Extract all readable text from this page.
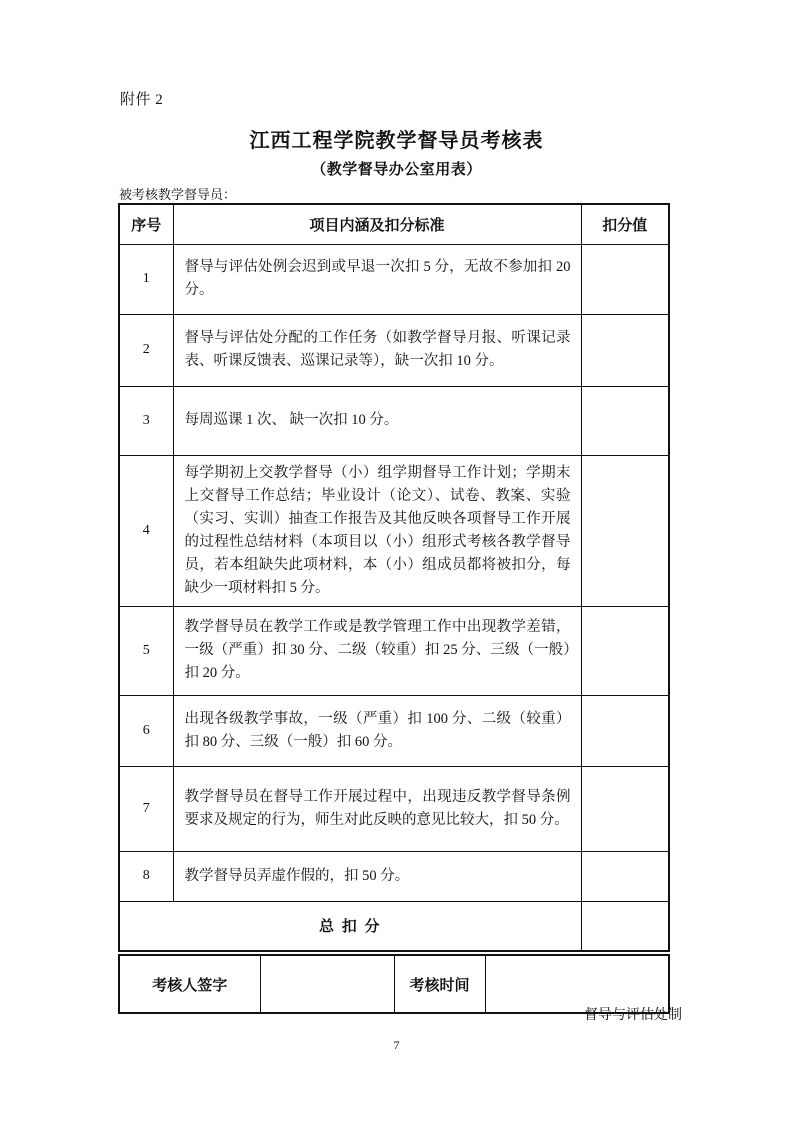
附件 2
江西工程学院教学督导员考核表
（教学督导办公室用表）
被考核教学督导员：
序号	项目内涵及扣分标准	扣分值
1	督导与评估处例会迟到或早退一次扣 5 分，无故不参加扣 20 分。	
2	督导与评估处分配的工作任务（如教学督导月报、听课记录表、听课反馈表、巡课记录等），缺一次扣 10 分。	
3	每周巡课 1 次、 缺一次扣 10 分。	
4	每学期初上交教学督导（小）组学期督导工作计划；学期末上交督导工作总结；毕业设计（论文）、试卷、教案、实验（实习、实训）抽查工作报告及其他反映各项督导工作开展的过程性总结材料（本项目以（小）组形式考核各教学督导员，若本组缺失此项材料，本（小）组成员都将被扣分，每缺少一项材料扣 5 分。	
5	教学督导员在教学工作或是教学管理工作中出现教学差错，一级（严重）扣 30 分、二级（较重）扣 25 分、三级（一般）扣 20 分。	
6	出现各级教学事故，一级（严重）扣 100 分、二级（较重）扣 80 分、三级（一般）扣 60 分。	
7	教学督导员在督导工作开展过程中，出现违反教学督导条例要求及规定的行为，师生对此反映的意见比较大，扣 50 分。	
8	教学督导员弄虚作假的，扣 50 分。	
总 扣 分		
考核人签字		考核时间	
督导与评估处制
7
